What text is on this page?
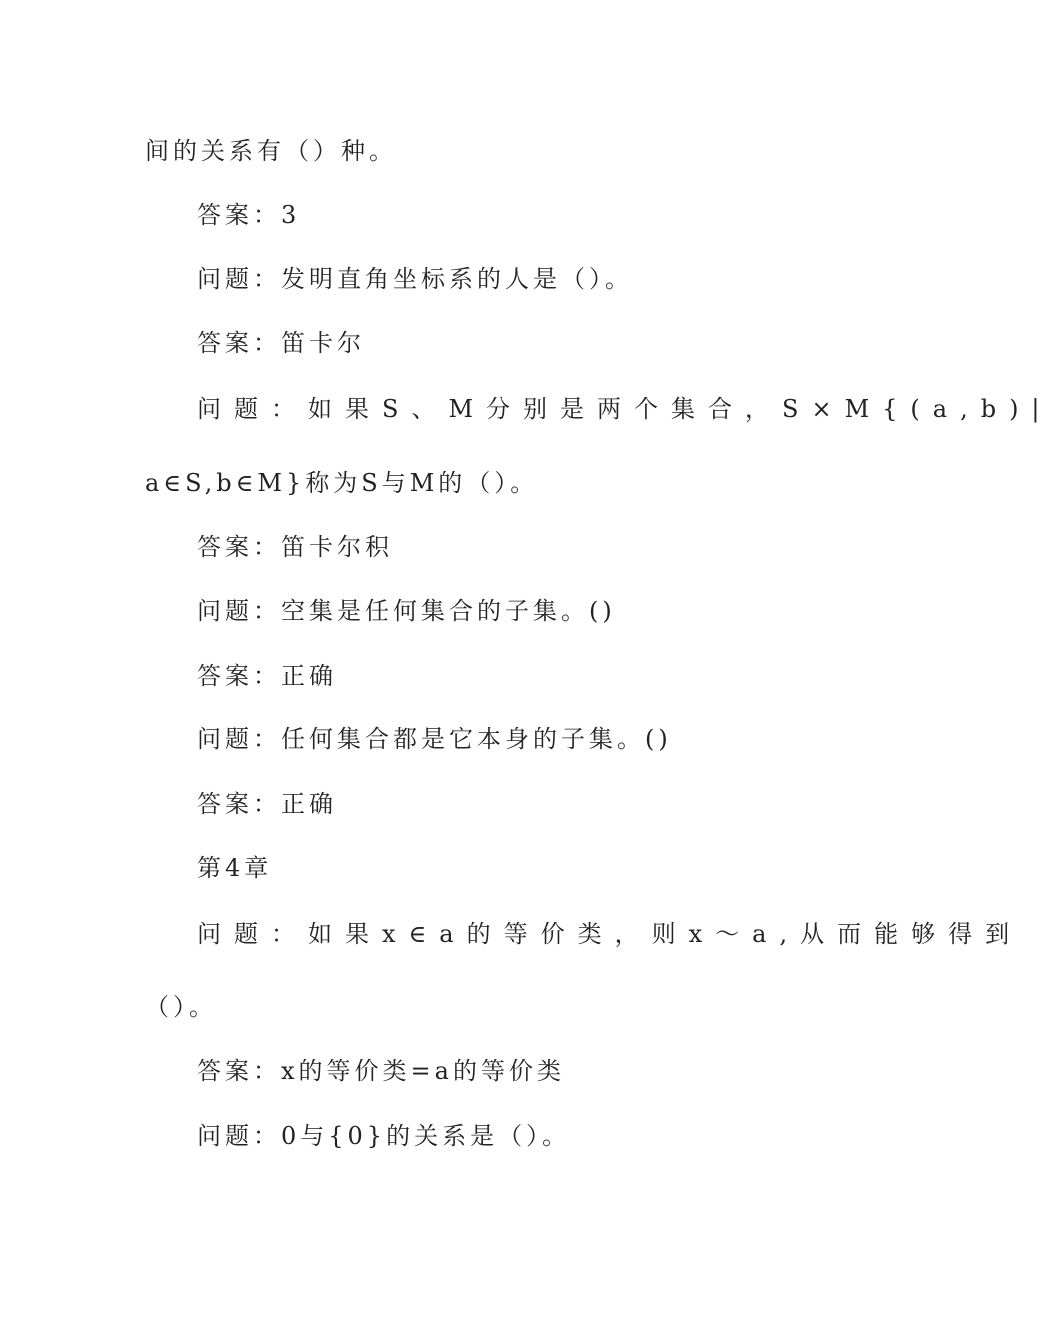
间的关系有（）种。
答案：3
问题：发明直角坐标系的人是（）。
答案：笛卡尔
问题：如果S、M分别是两个集合，S×M{(a,b)|
a∈S,b∈M}称为S与M的（）。
答案：笛卡尔积
问题：空集是任何集合的子集。()
答案：正确
问题：任何集合都是它本身的子集。()
答案：正确
第4章
问题：如果x∈a的等价类，则x～a,从而能够得到
（）。
答案：x的等价类=a的等价类
问题：0与{0}的关系是（）。
